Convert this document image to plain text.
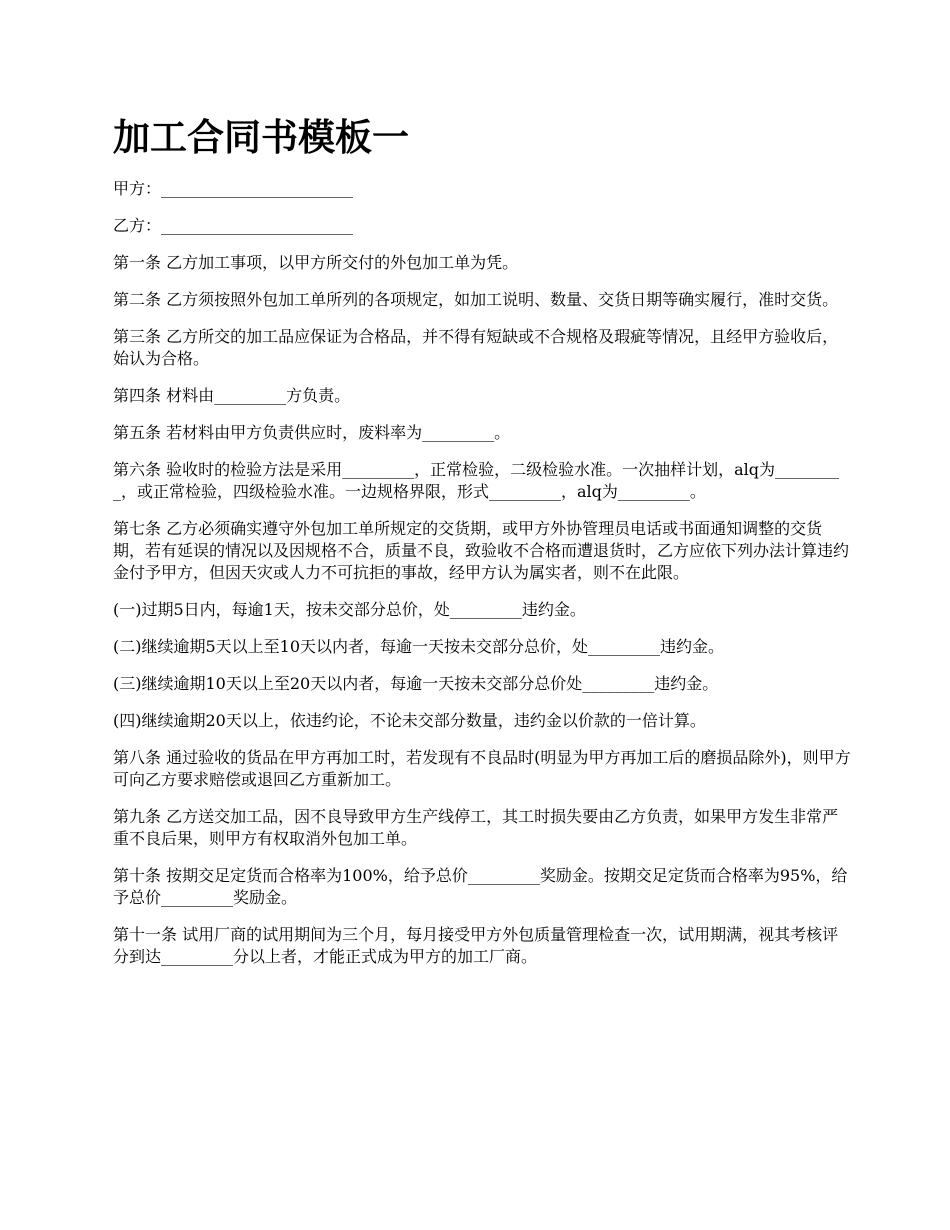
加工合同书模板一

甲方：________________________

乙方：________________________

第一条 乙方加工事项，以甲方所交付的外包加工单为凭。

第二条 乙方须按照外包加工单所列的各项规定，如加工说明、数量、交货日期等确实履行，准时交货。

第三条 乙方所交的加工品应保证为合格品，并不得有短缺或不合规格及瑕疵等情况，且经甲方验收后，始认为合格。

第四条 材料由_________方负责。

第五条 若材料由甲方负责供应时，废料率为_________。

第六条 验收时的检验方法是采用_________，正常检验，二级检验水准。一次抽样计划，alq为_________，或正常检验，四级检验水准。一边规格界限，形式_________，alq为_________。

第七条 乙方必须确实遵守外包加工单所规定的交货期，或甲方外协管理员电话或书面通知调整的交货期，若有延误的情况以及因规格不合，质量不良，致验收不合格而遭退货时，乙方应依下列办法计算违约金付予甲方，但因天灾或人力不可抗拒的事故，经甲方认为属实者，则不在此限。

(一)过期5日内，每逾1天，按未交部分总价，处_________违约金。

(二)继续逾期5天以上至10天以内者，每逾一天按未交部分总价，处_________违约金。

(三)继续逾期10天以上至20天以内者，每逾一天按未交部分总价处_________违约金。

(四)继续逾期20天以上，依违约论，不论未交部分数量，违约金以价款的一倍计算。

第八条 通过验收的货品在甲方再加工时，若发现有不良品时(明显为甲方再加工后的磨损品除外)，则甲方可向乙方要求赔偿或退回乙方重新加工。

第九条 乙方送交加工品，因不良导致甲方生产线停工，其工时损失要由乙方负责，如果甲方发生非常严重不良后果，则甲方有权取消外包加工单。

第十条 按期交足定货而合格率为100%，给予总价_________奖励金。按期交足定货而合格率为95%，给予总价_________奖励金。

第十一条 试用厂商的试用期间为三个月，每月接受甲方外包质量管理检查一次，试用期满，视其考核评分到达_________分以上者，才能正式成为甲方的加工厂商。
